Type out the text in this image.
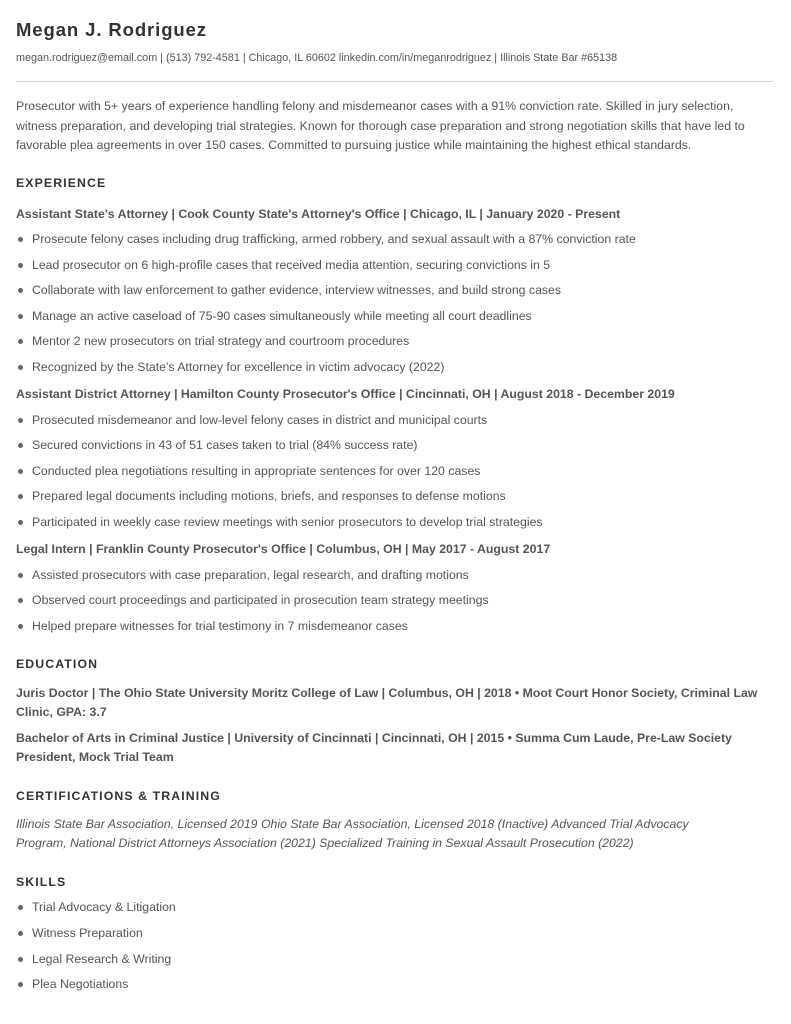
Megan J. Rodriguez
megan.rodriguez@email.com | (513) 792-4581 | Chicago, IL 60602 linkedin.com/in/meganrodriguez | Illinois State Bar #65138

Prosecutor with 5+ years of experience handling felony and misdemeanor cases with a 91% conviction rate. Skilled in jury selection, witness preparation, and developing trial strategies. Known for thorough case preparation and strong negotiation skills that have led to favorable plea agreements in over 150 cases. Committed to pursuing justice while maintaining the highest ethical standards.

EXPERIENCE
Assistant State's Attorney | Cook County State's Attorney's Office | Chicago, IL | January 2020 - Present
Prosecute felony cases including drug trafficking, armed robbery, and sexual assault with a 87% conviction rate
Lead prosecutor on 6 high-profile cases that received media attention, securing convictions in 5
Collaborate with law enforcement to gather evidence, interview witnesses, and build strong cases
Manage an active caseload of 75-90 cases simultaneously while meeting all court deadlines
Mentor 2 new prosecutors on trial strategy and courtroom procedures
Recognized by the State's Attorney for excellence in victim advocacy (2022)
Assistant District Attorney | Hamilton County Prosecutor's Office | Cincinnati, OH | August 2018 - December 2019
Prosecuted misdemeanor and low-level felony cases in district and municipal courts
Secured convictions in 43 of 51 cases taken to trial (84% success rate)
Conducted plea negotiations resulting in appropriate sentences for over 120 cases
Prepared legal documents including motions, briefs, and responses to defense motions
Participated in weekly case review meetings with senior prosecutors to develop trial strategies
Legal Intern | Franklin County Prosecutor's Office | Columbus, OH | May 2017 - August 2017
Assisted prosecutors with case preparation, legal research, and drafting motions
Observed court proceedings and participated in prosecution team strategy meetings
Helped prepare witnesses for trial testimony in 7 misdemeanor cases
EDUCATION
Juris Doctor | The Ohio State University Moritz College of Law | Columbus, OH | 2018 • Moot Court Honor Society, Criminal Law Clinic, GPA: 3.7
Bachelor of Arts in Criminal Justice | University of Cincinnati | Cincinnati, OH | 2015 • Summa Cum Laude, Pre-Law Society President, Mock Trial Team
CERTIFICATIONS & TRAINING
Illinois State Bar Association, Licensed 2019 Ohio State Bar Association, Licensed 2018 (Inactive) Advanced Trial Advocacy Program, National District Attorneys Association (2021) Specialized Training in Sexual Assault Prosecution (2022)
SKILLS
Trial Advocacy & Litigation
Witness Preparation
Legal Research & Writing
Plea Negotiations
